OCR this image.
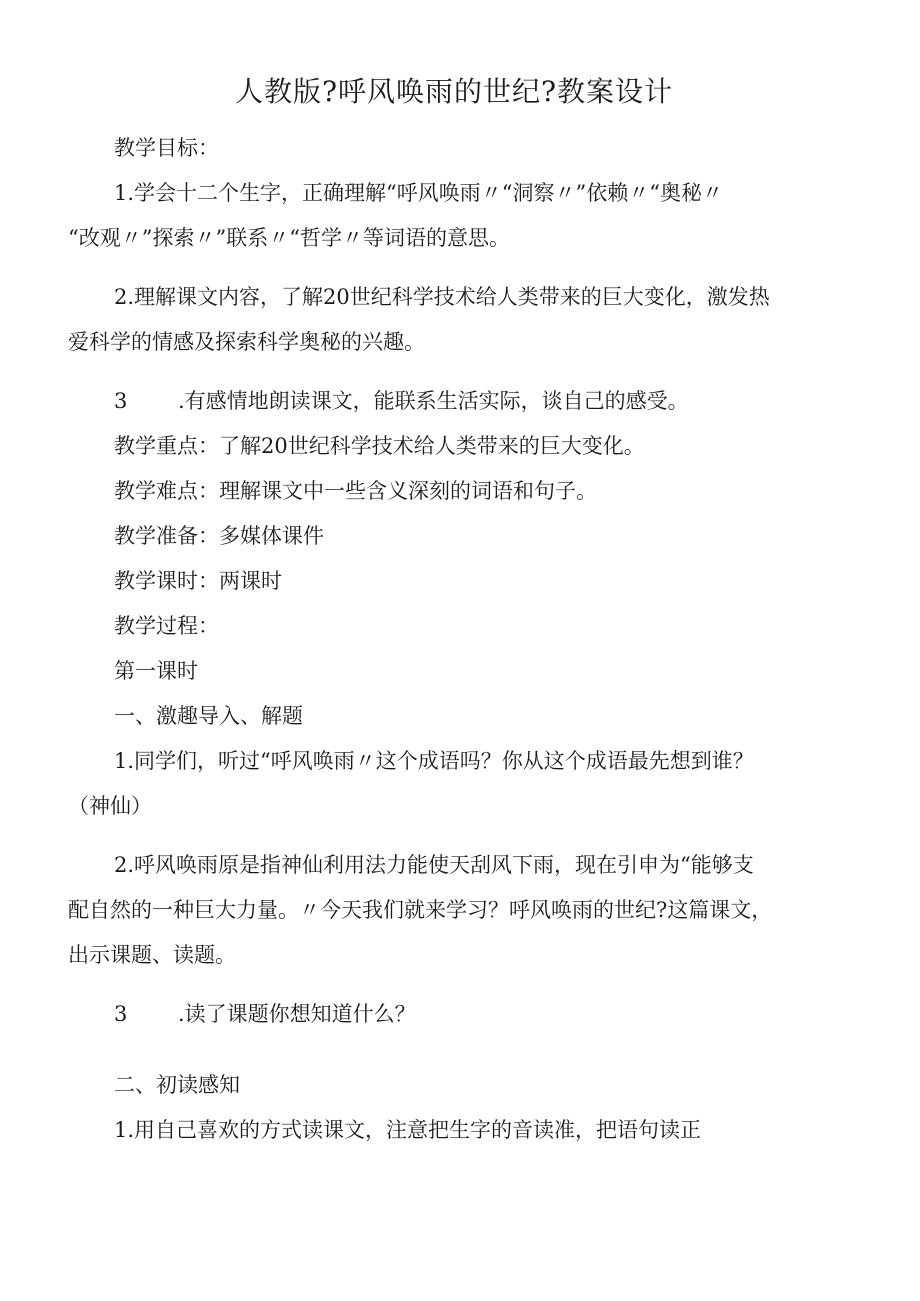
人教版?呼风唤雨的世纪?教案设计

教学目标：

1.学会十二个生字，正确理解“呼风唤雨〃“洞察〃”依赖〃“奥秘〃
“改观〃”探索〃”联系〃“哲学〃等词语的意思。
2.理解课文内容，了解20世纪科学技术给人类带来的巨大变化，激发热
爱科学的情感及探索科学奥秘的兴趣。

3 .有感情地朗读课文，能联系生活实际，谈自己的感受。

教学重点：了解20世纪科学技术给人类带来的巨大变化。

教学难点：理解课文中一些含义深刻的词语和句子。

教学准备：多媒体课件

教学课时：两课时

教学过程：

第一课时

一、激趣导入、解题

1.同学们，听过“呼风唤雨〃这个成语吗？你从这个成语最先想到谁？
（神仙）
2.呼风唤雨原是指神仙利用法力能使天刮风下雨，现在引申为“能够支
配自然的一种巨大力量。〃今天我们就来学习？呼风唤雨的世纪?这篇课文，
出示课题、读题。

3 .读了课题你想知道什么？

二、初读感知

1.用自己喜欢的方式读课文，注意把生字的音读准，把语句读正
